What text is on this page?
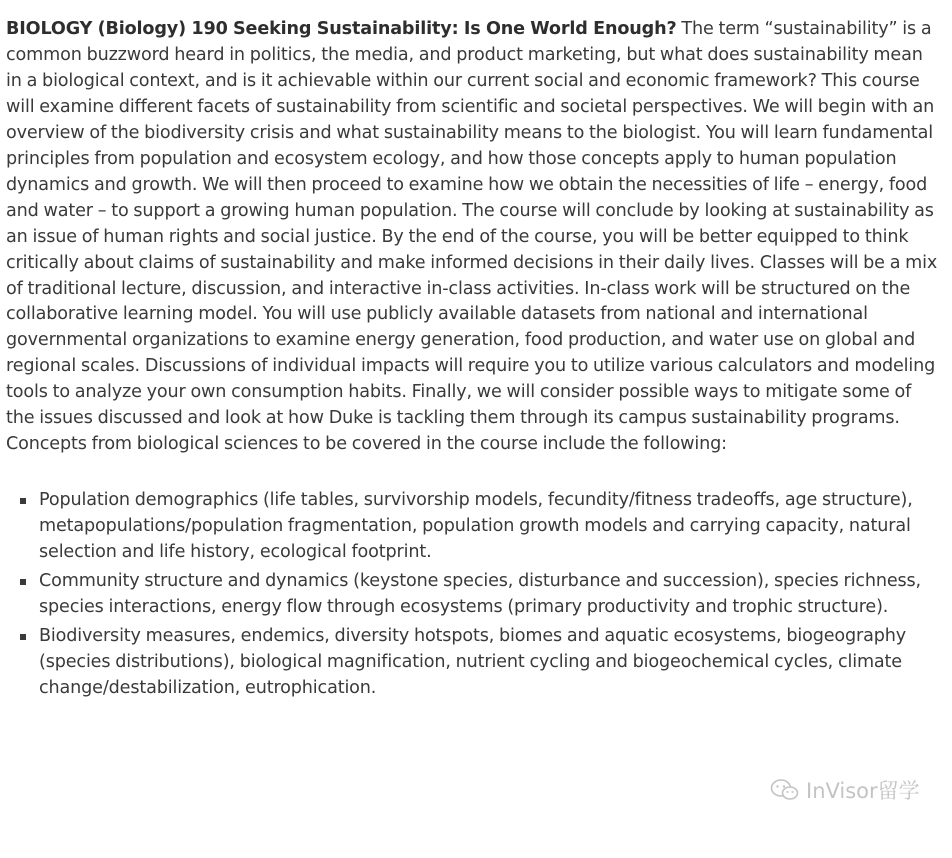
BIOLOGY (Biology) 190 Seeking Sustainability: Is One World Enough? The term “sustainability” is a common buzzword heard in politics, the media, and product marketing, but what does sustainability mean in a biological context, and is it achievable within our current social and economic framework? This course will examine different facets of sustainability from scientific and societal perspectives. We will begin with an overview of the biodiversity crisis and what sustainability means to the biologist. You will learn fundamental principles from population and ecosystem ecology, and how those concepts apply to human population dynamics and growth. We will then proceed to examine how we obtain the necessities of life – energy, food and water – to support a growing human population. The course will conclude by looking at sustainability as an issue of human rights and social justice. By the end of the course, you will be better equipped to think critically about claims of sustainability and make informed decisions in their daily lives. Classes will be a mix of traditional lecture, discussion, and interactive in-class activities. In-class work will be structured on the collaborative learning model. You will use publicly available datasets from national and international governmental organizations to examine energy generation, food production, and water use on global and regional scales. Discussions of individual impacts will require you to utilize various calculators and modeling tools to analyze your own consumption habits. Finally, we will consider possible ways to mitigate some of the issues discussed and look at how Duke is tackling them through its campus sustainability programs. Concepts from biological sciences to be covered in the course include the following:

Population demographics (life tables, survivorship models, fecundity/fitness tradeoffs, age structure), metapopulations/population fragmentation, population growth models and carrying capacity, natural selection and life history, ecological footprint.
Community structure and dynamics (keystone species, disturbance and succession), species richness, species interactions, energy flow through ecosystems (primary productivity and trophic structure).
Biodiversity measures, endemics, diversity hotspots, biomes and aquatic ecosystems, biogeography (species distributions), biological magnification, nutrient cycling and biogeochemical cycles, climate change/destabilization, eutrophication.
InVisor留学
